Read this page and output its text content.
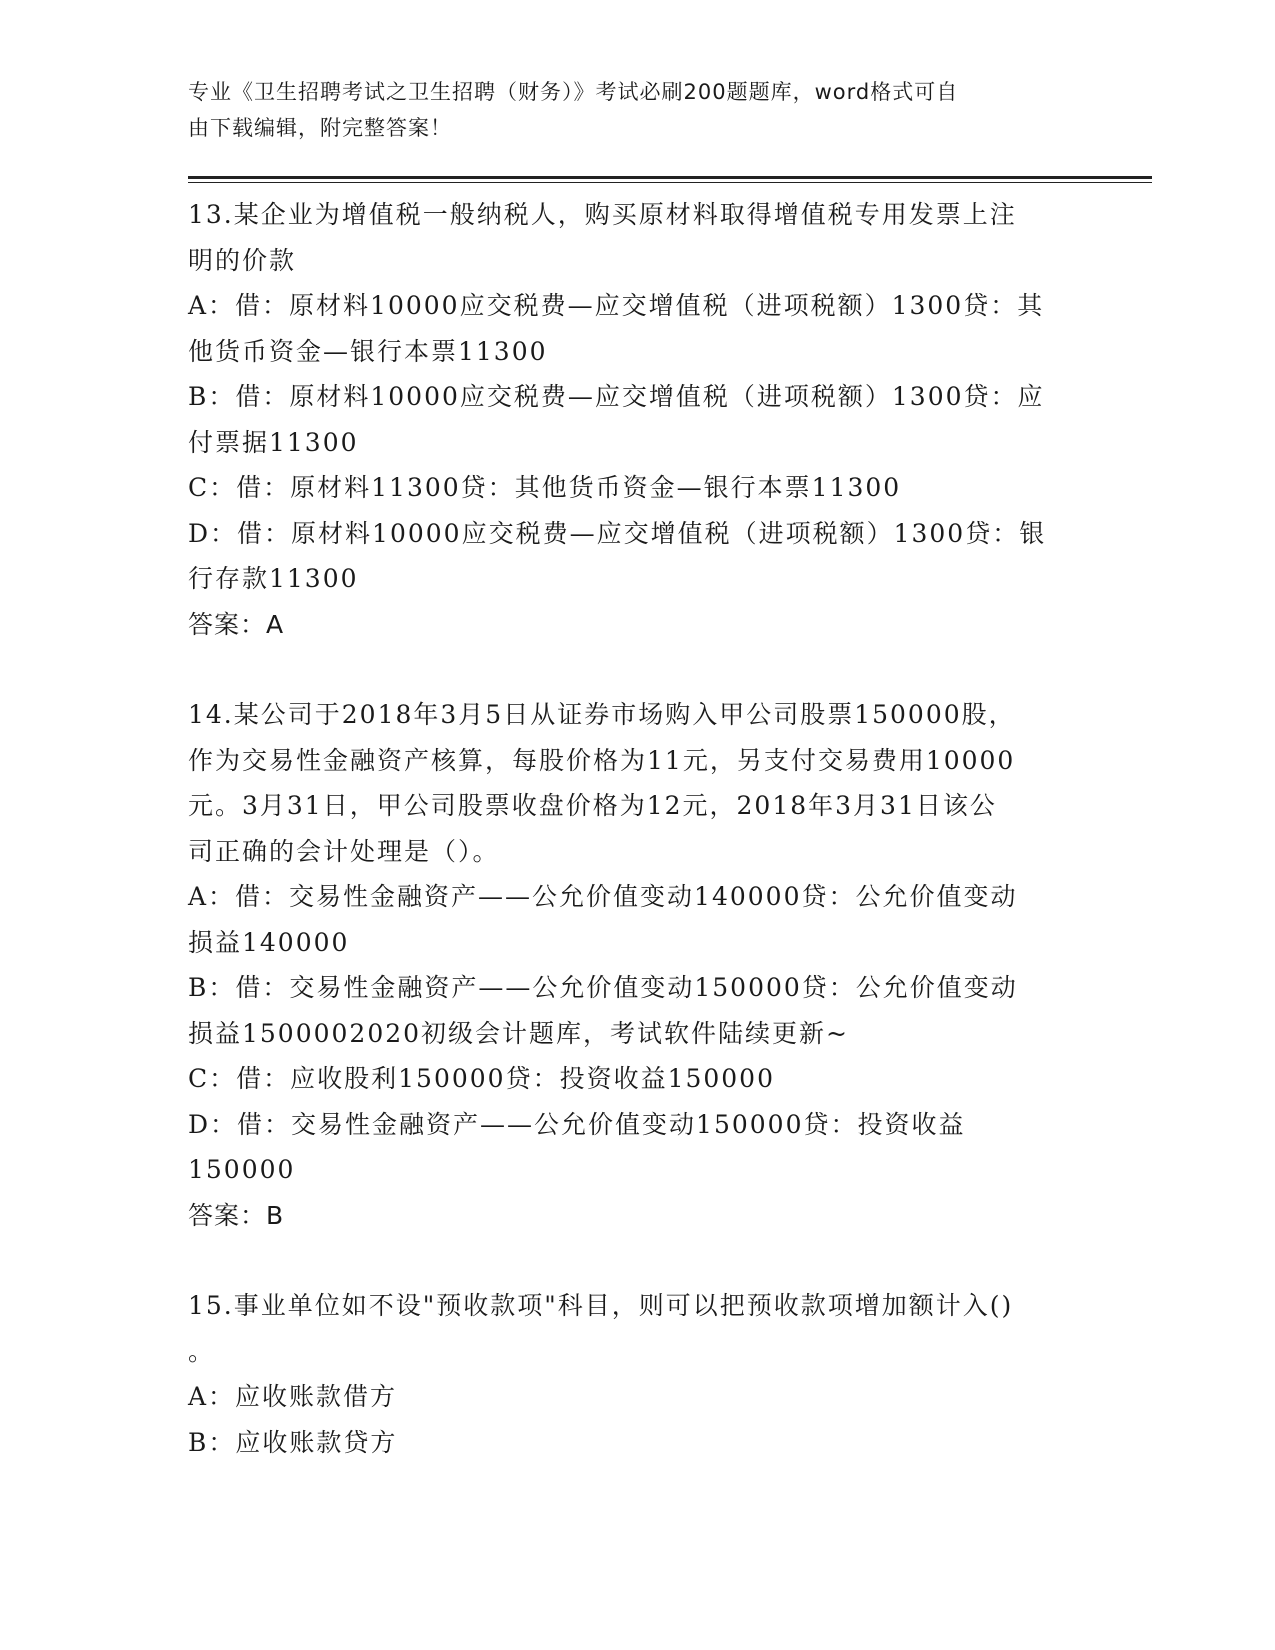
专业《卫生招聘考试之卫生招聘（财务）》考试必刷200题题库，word格式可自
由下载编辑，附完整答案！
13.某企业为增值税一般纳税人，购买原材料取得增值税专用发票上注
明的价款
A：借：原材料10000应交税费—应交增值税（进项税额）1300贷：其
他货币资金—银行本票11300
B：借：原材料10000应交税费—应交增值税（进项税额）1300贷：应
付票据11300
C：借：原材料11300贷：其他货币资金—银行本票11300
D：借：原材料10000应交税费—应交增值税（进项税额）1300贷：银
行存款11300
答案：A
14.某公司于2018年3月5日从证券市场购入甲公司股票150000股，
作为交易性金融资产核算，每股价格为11元，另支付交易费用10000
元。3月31日，甲公司股票收盘价格为12元，2018年3月31日该公
司正确的会计处理是（）。
A：借：交易性金融资产——公允价值变动140000贷：公允价值变动
损益140000
B：借：交易性金融资产——公允价值变动150000贷：公允价值变动
损益1500002020初级会计题库，考试软件陆续更新~
C：借：应收股利150000贷：投资收益150000
D：借：交易性金融资产——公允价值变动150000贷：投资收益
150000
答案：B
15.事业单位如不设"预收款项"科目，则可以把预收款项增加额计入()
。
A：应收账款借方
B：应收账款贷方
